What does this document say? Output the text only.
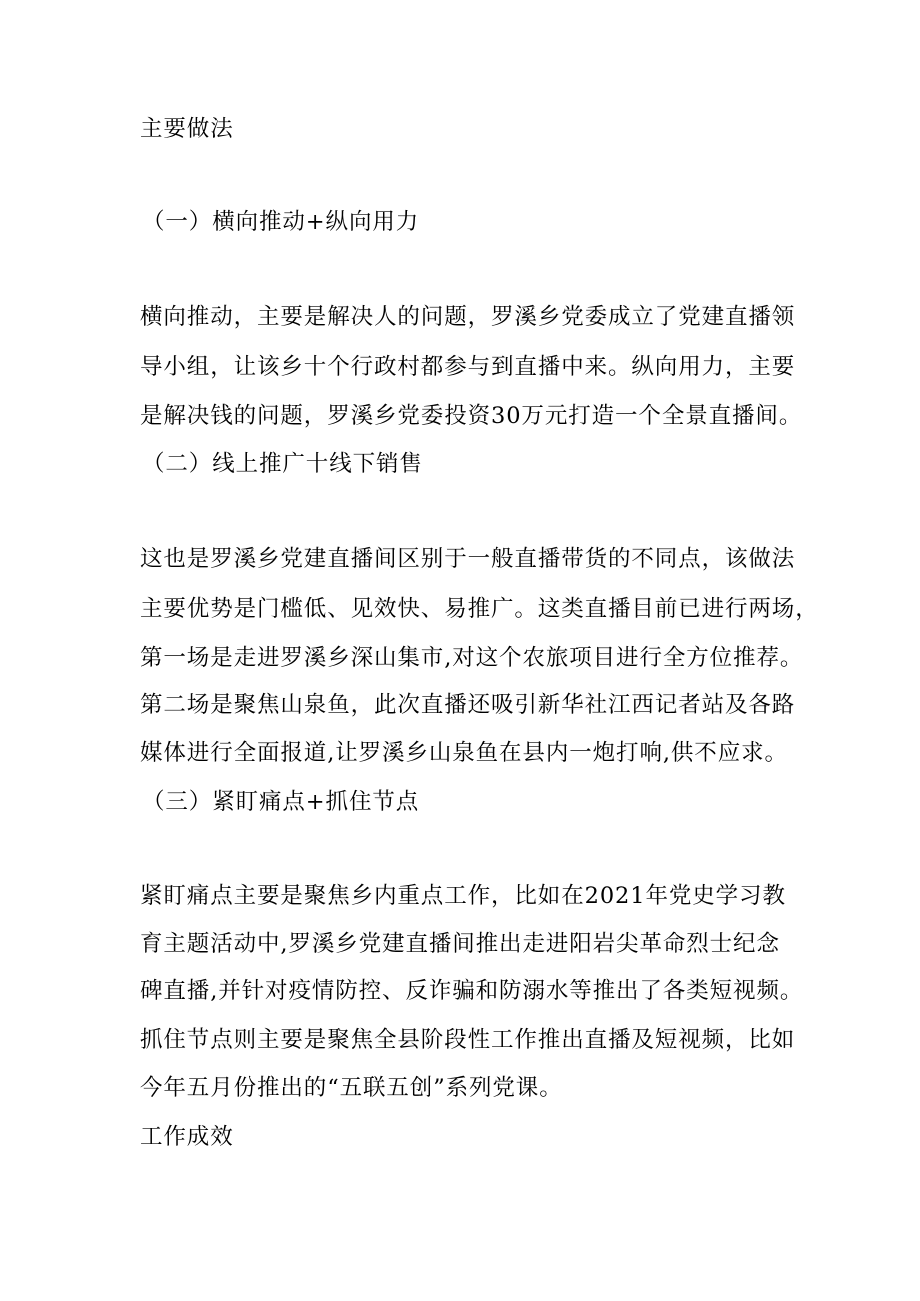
主要做法

（一）横向推动+纵向用力

横向推动，主要是解决人的问题，罗溪乡党委成立了党建直播领

导小组，让该乡十个行政村都参与到直播中来。纵向用力，主要

是解决钱的问题，罗溪乡党委投资30万元打造一个全景直播间。

（二）线上推广十线下销售

这也是罗溪乡党建直播间区别于一般直播带货的不同点，该做法

主要优势是门槛低、见效快、易推广。这类直播目前已进行两场，

第一场是走进罗溪乡深山集市,对这个农旅项目进行全方位推荐。

第二场是聚焦山泉鱼，此次直播还吸引新华社江西记者站及各路

媒体进行全面报道,让罗溪乡山泉鱼在县内一炮打响,供不应求。

（三）紧盯痛点+抓住节点

紧盯痛点主要是聚焦乡内重点工作，比如在2021年党史学习教

育主题活动中,罗溪乡党建直播间推出走进阳岩尖革命烈士纪念

碑直播,并针对疫情防控、反诈骗和防溺水等推出了各类短视频。

抓住节点则主要是聚焦全县阶段性工作推出直播及短视频，比如

今年五月份推出的“五联五创”系列党课。

工作成效
